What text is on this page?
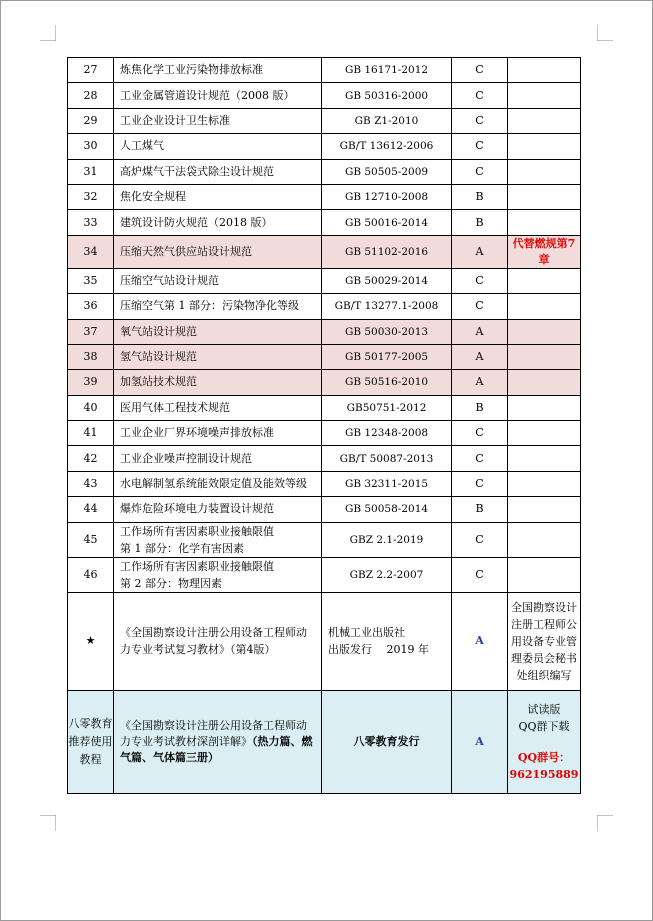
27	炼焦化学工业污染物排放标准	GB 16171-2012	C	
28	工业金属管道设计规范（2008 版）	GB 50316-2000	C	
29	工业企业设计卫生标准	GB Z1-2010	C	
30	人工煤气	GB/T 13612-2006	C	
31	高炉煤气干法袋式除尘设计规范	GB 50505-2009	C	
32	焦化安全规程	GB 12710-2008	B	
33	建筑设计防火规范（2018 版）	GB 50016-2014	B	
34	压缩天然气供应站设计规范	GB 51102-2016	A	代替燃规第7章
35	压缩空气站设计规范	GB 50029-2014	C	
36	压缩空气第 1 部分：污染物净化等级	GB/T 13277.1-2008	C	
37	氧气站设计规范	GB 50030-2013	A	
38	氢气站设计规范	GB 50177-2005	A	
39	加氢站技术规范	GB 50516-2010	A	
40	医用气体工程技术规范	GB50751-2012	B	
41	工业企业厂界环境噪声排放标准	GB 12348-2008	C	
42	工业企业噪声控制设计规范	GB/T 50087-2013	C	
43	水电解制氢系统能效限定值及能效等级	GB 32311-2015	C	
44	爆炸危险环境电力装置设计规范	GB 50058-2014	B	
45	工作场所有害因素职业接触限值
第 1 部分：化学有害因素	GBZ 2.1-2019	C	
46	工作场所有害因素职业接触限值
第 2 部分：物理因素	GBZ 2.2-2007	C	
★	《全国勘察设计注册公用设备工程师动力专业考试复习教材》（第4版）	机械工业出版社
出版发行　 2019 年	A	全国勘察设计注册工程师公用设备专业管理委员会秘书处组织编写
八零教育推荐使用教程	《全国勘察设计注册公用设备工程师动力专业考试教材深剖详解》（热力篇、燃气篇、气体篇三册）	八零教育发行	A	试读版
QQ群下载
QQ群号：
962195889
